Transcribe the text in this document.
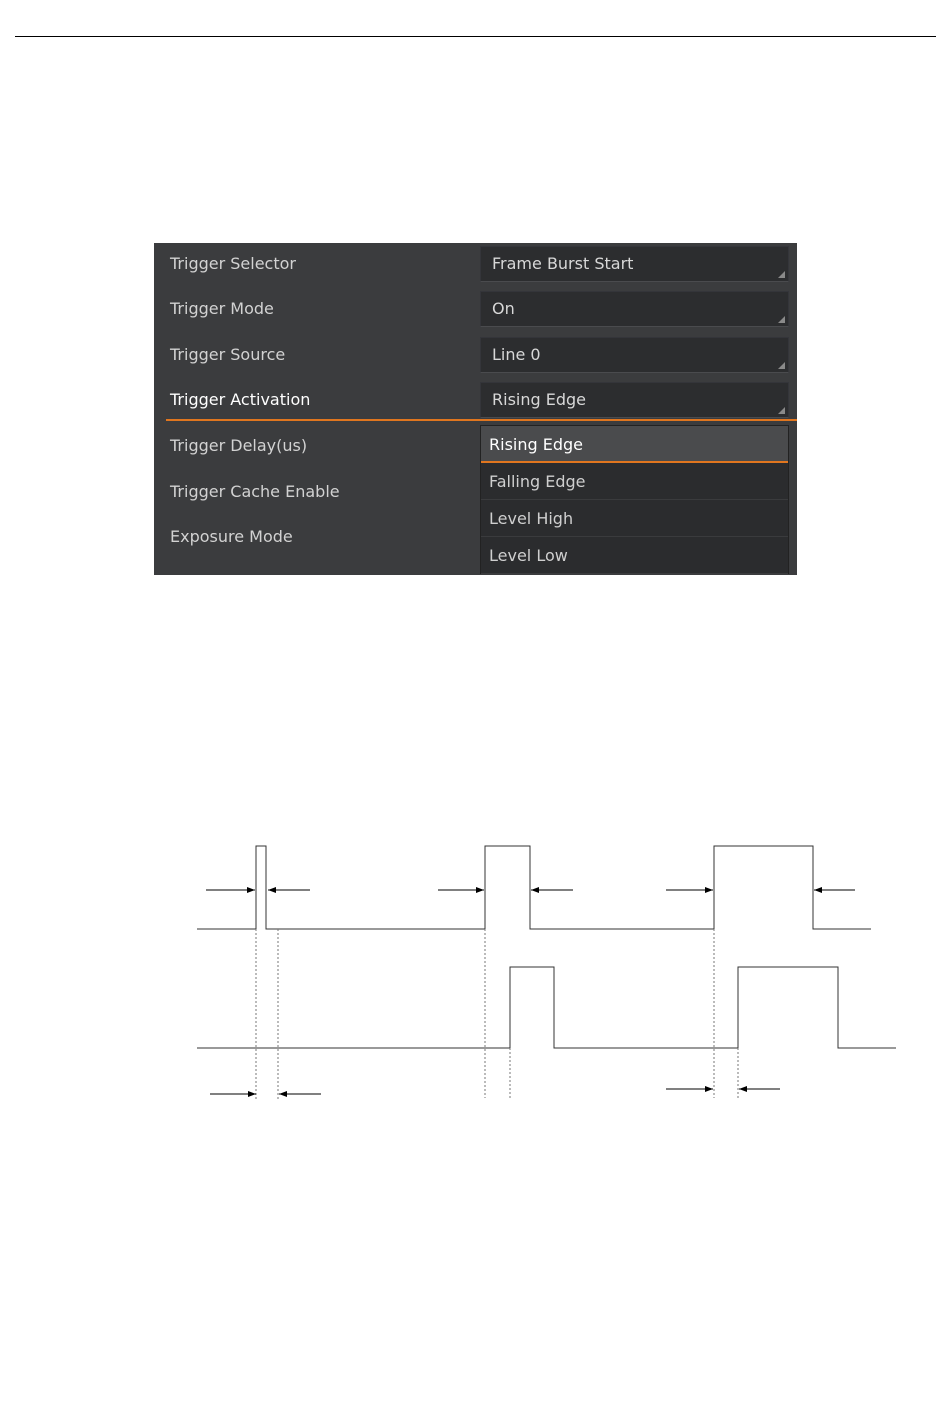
Trigger Selector	Frame Burst Start
Trigger Mode	On
Trigger Source	Line 0
Trigger Activation	Rising Edge
Trigger Delay(us)
Trigger Cache Enable
Exposure Mode
Rising Edge
Falling Edge
Level High
Level Low
